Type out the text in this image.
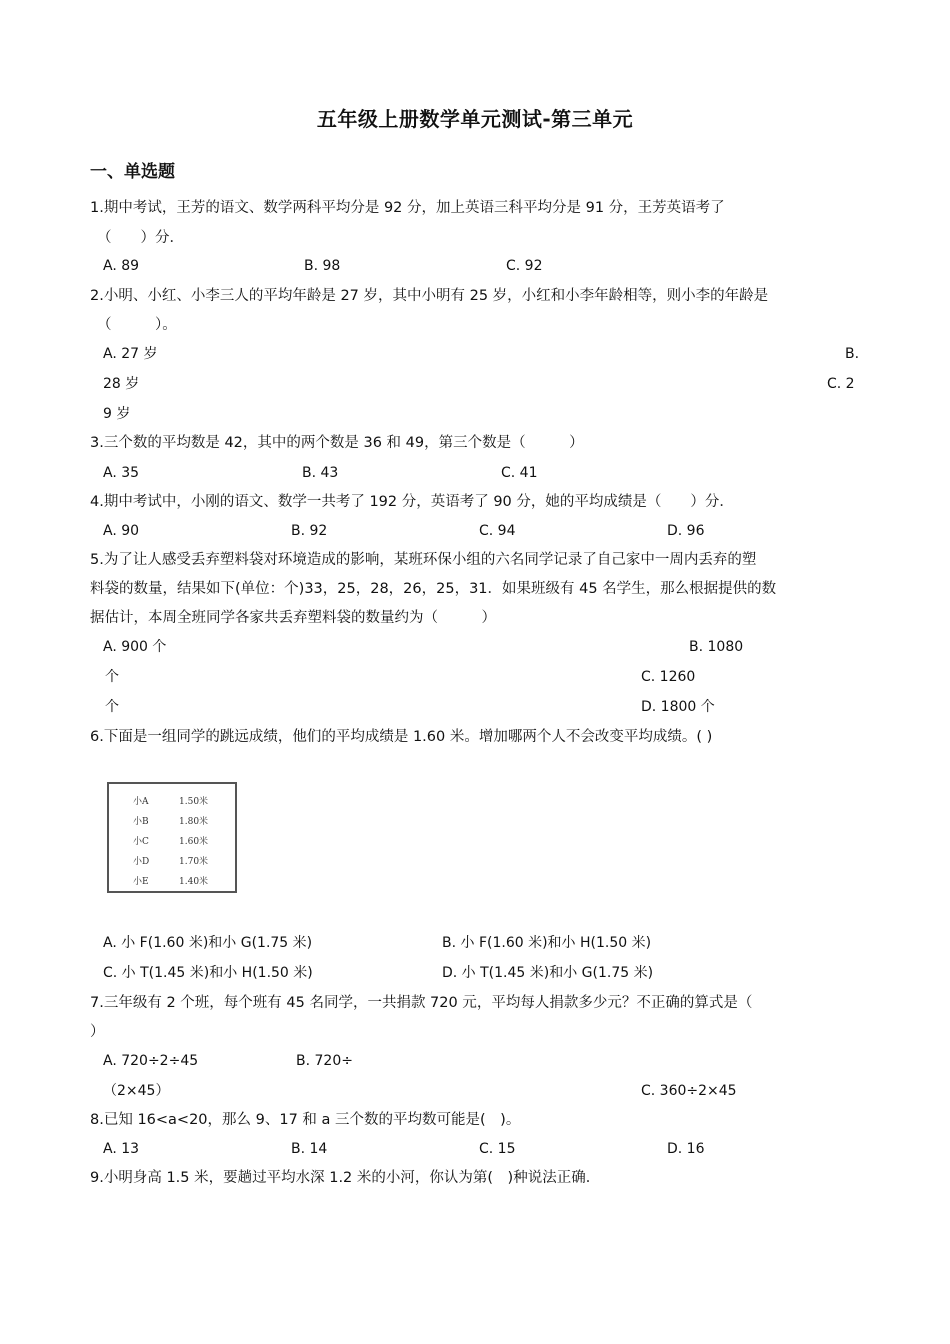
五年级上册数学单元测试-第三单元
一、单选题
1.期中考试，王芳的语文、数学两科平均分是 92 分，加上英语三科平均分是 91 分，王芳英语考了
（　　）分．
A. 89	B. 98	C. 92
2.小明、小红、小李三人的平均年龄是 27 岁，其中小明有 25 岁，小红和小李年龄相等，则小李的年龄是
（　　　）。
A. 27 岁	B.
28 岁	C. 2
9 岁
3.三个数的平均数是 42，其中的两个数是 36 和 49，第三个数是（　　　）
A. 35	B. 43	C. 41
4.期中考试中，小刚的语文、数学一共考了 192 分，英语考了 90 分，她的平均成绩是（　　）分．
A. 90	B. 92	C. 94	D. 96
5.为了让人感受丢弃塑料袋对环境造成的影响，某班环保小组的六名同学记录了自己家中一周内丢弃的塑
料袋的数量，结果如下(单位：个)33，25，28，26，25，31．如果班级有 45 名学生，那么根据提供的数
据估计，本周全班同学各家共丢弃塑料袋的数量约为（　　　）
A. 900 个	B. 1080
个	C. 1260
个	D. 1800 个
6.下面是一组同学的跳远成绩，他们的平均成绩是 1.60 米。增加哪两个人不会改变平均成绩。( )
小A	1.50米
小B	1.80米
小C	1.60米
小D	1.70米
小E	1.40米
A. 小 F(1.60 米)和小 G(1.75 米)	B. 小 F(1.60 米)和小 H(1.50 米)
C. 小 T(1.45 米)和小 H(1.50 米)	D. 小 T(1.45 米)和小 G(1.75 米)
7.三年级有 2 个班，每个班有 45 名同学，一共捐款 720 元，平均每人捐款多少元？不正确的算式是（
）
A. 720÷2÷45	B. 720÷
（2×45）	C. 360÷2×45
8.已知 16<a<20，那么 9、17 和 a 三个数的平均数可能是(　)。
A. 13	B. 14	C. 15	D. 16
9.小明身高 1.5 米，要趟过平均水深 1.2 米的小河，你认为第(　)种说法正确．
